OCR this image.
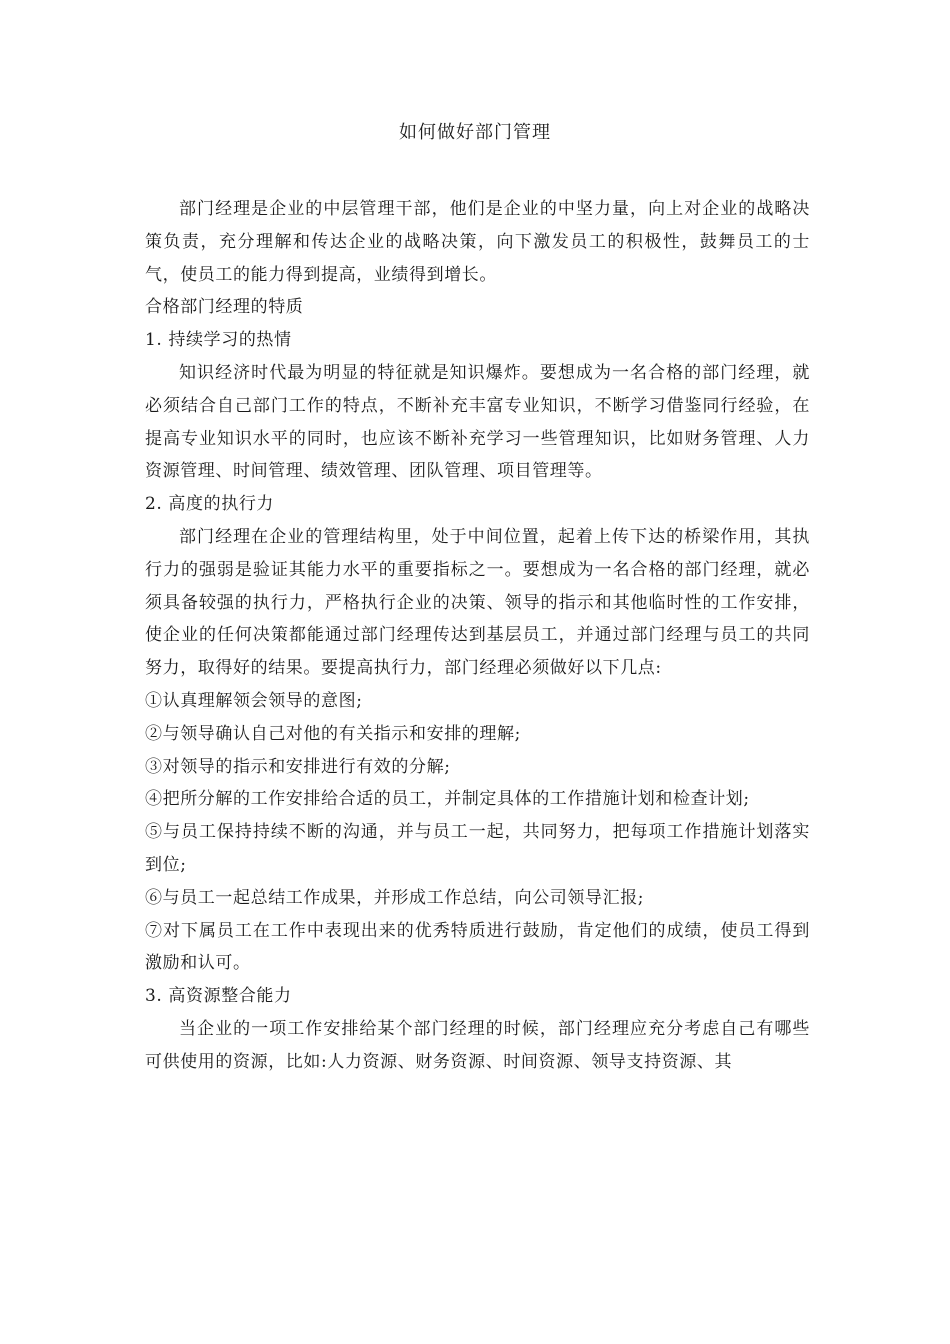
如何做好部门管理

部门经理是企业的中层管理干部，他们是企业的中坚力量，向上对企业的战略决策负责，充分理解和传达企业的战略决策，向下激发员工的积极性，鼓舞员工的士气，使员工的能力得到提高，业绩得到增长。

合格部门经理的特质

1. 持续学习的热情

知识经济时代最为明显的特征就是知识爆炸。要想成为一名合格的部门经理，就必须结合自己部门工作的特点，不断补充丰富专业知识，不断学习借鉴同行经验，在提高专业知识水平的同时，也应该不断补充学习一些管理知识，比如财务管理、人力资源管理、时间管理、绩效管理、团队管理、项目管理等。

2. 高度的执行力

部门经理在企业的管理结构里，处于中间位置，起着上传下达的桥梁作用，其执行力的强弱是验证其能力水平的重要指标之一。要想成为一名合格的部门经理，就必须具备较强的执行力，严格执行企业的决策、领导的指示和其他临时性的工作安排，使企业的任何决策都能通过部门经理传达到基层员工，并通过部门经理与员工的共同努力，取得好的结果。要提高执行力，部门经理必须做好以下几点:

①认真理解领会领导的意图;

②与领导确认自己对他的有关指示和安排的理解;

③对领导的指示和安排进行有效的分解;

④把所分解的工作安排给合适的员工，并制定具体的工作措施计划和检查计划;

⑤与员工保持持续不断的沟通，并与员工一起，共同努力，把每项工作措施计划落实到位;

⑥与员工一起总结工作成果，并形成工作总结，向公司领导汇报;

⑦对下属员工在工作中表现出来的优秀特质进行鼓励，肯定他们的成绩，使员工得到激励和认可。

3. 高资源整合能力

当企业的一项工作安排给某个部门经理的时候，部门经理应充分考虑自己有哪些可供使用的资源，比如:人力资源、财务资源、时间资源、领导支持资源、其
